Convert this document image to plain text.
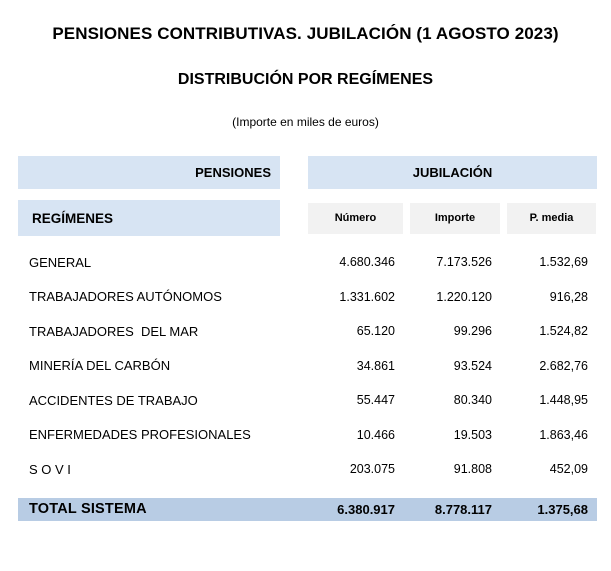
PENSIONES CONTRIBUTIVAS. JUBILACIÓN (1 AGOSTO 2023)
DISTRIBUCIÓN POR REGÍMENES
(Importe en miles de euros)
PENSIONES	JUBILACIÓN
REGÍMENES	Número	Importe	P. media
GENERAL	4.680.346	7.173.526	1.532,69
TRABAJADORES AUTÓNOMOS	1.331.602	1.220.120	916,28
TRABAJADORES  DEL MAR	65.120	99.296	1.524,82
MINERÍA DEL CARBÓN	34.861	93.524	2.682,76
ACCIDENTES DE TRABAJO	55.447	80.340	1.448,95
ENFERMEDADES PROFESIONALES	10.466	19.503	1.863,46
S O V I	203.075	91.808	452,09
TOTAL SISTEMA	6.380.917	8.778.117	1.375,68
